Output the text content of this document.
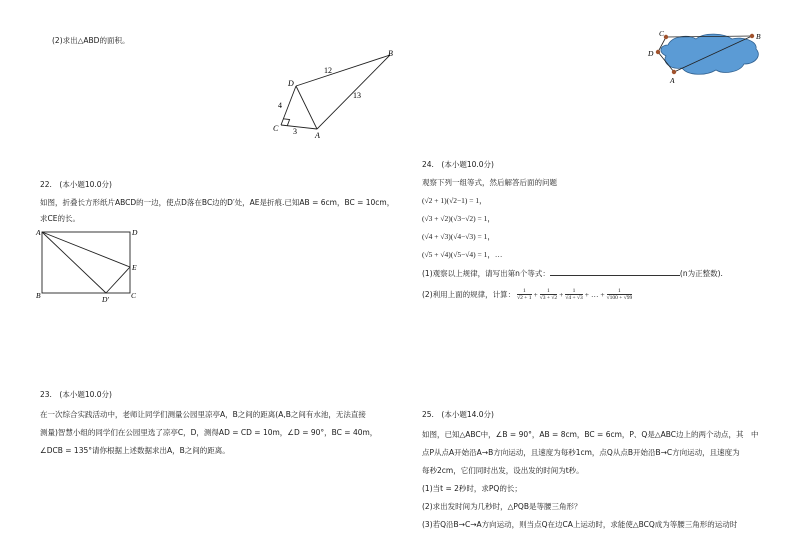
(2)求出△ABD的面积。
B
D
C
A
12
13
4
3
22.　(本小题10.0分)
如图，折叠长方形纸片ABCD的一边，使点D落在BC边的D′处，AE是折痕.已知AB = 6cm，BC = 10cm，
求CE的长。
A	D
E
B	D′	C
23.　(本小题10.0分)
在一次综合实践活动中，老师让同学们测量公园里凉亭A，B之间的距离(A,B之间有水池，无法直接
测量)智慧小组的同学们在公园里选了凉亭C，D，测得AD = CD = 10m，∠D = 90°，BC = 40m，
∠DCB = 135°请你根据上述数据求出A，B之间的距离。
C	B
D
A
24.　(本小题10.0分)
观察下列一组等式，然后解答后面的问题
(√2 + 1)(√2−1) = 1，
(√3 + √2)(√3−√2) = 1，
(√4 + √3)(√4−√3) = 1，
(√5 + √4)(√5−√4) = 1，…
(1)观察以上规律，请写出第n个等式：	(n为正整数).
(2)利用上面的规律，计算： 1
$√2 + 1 + \frac{1}{√3 + √2} + \frac{1}{√4 + √3}$ + … + $\frac{1}{√100 + √99}$
25.　(本小题14.0分)
如图，已知△ABC中，∠B = 90°，AB = 8cm，BC = 6cm，P、Q是△ABC边上的两个动点，其　中
点P从点A开始沿A→B方向运动，且速度为每秒1cm，点Q从点B开始沿B→C方向运动，且速度为
每秒2cm，它们同时出发，设出发的时间为t秒。
(1)当t = 2秒时，求PQ的长；
(2)求出发时间为几秒时，△PQB是等腰三角形？
(3)若Q沿B→C→A方向运动，则当点Q在边CA上运动时，求能使△BCQ成为等腰三角形的运动时
